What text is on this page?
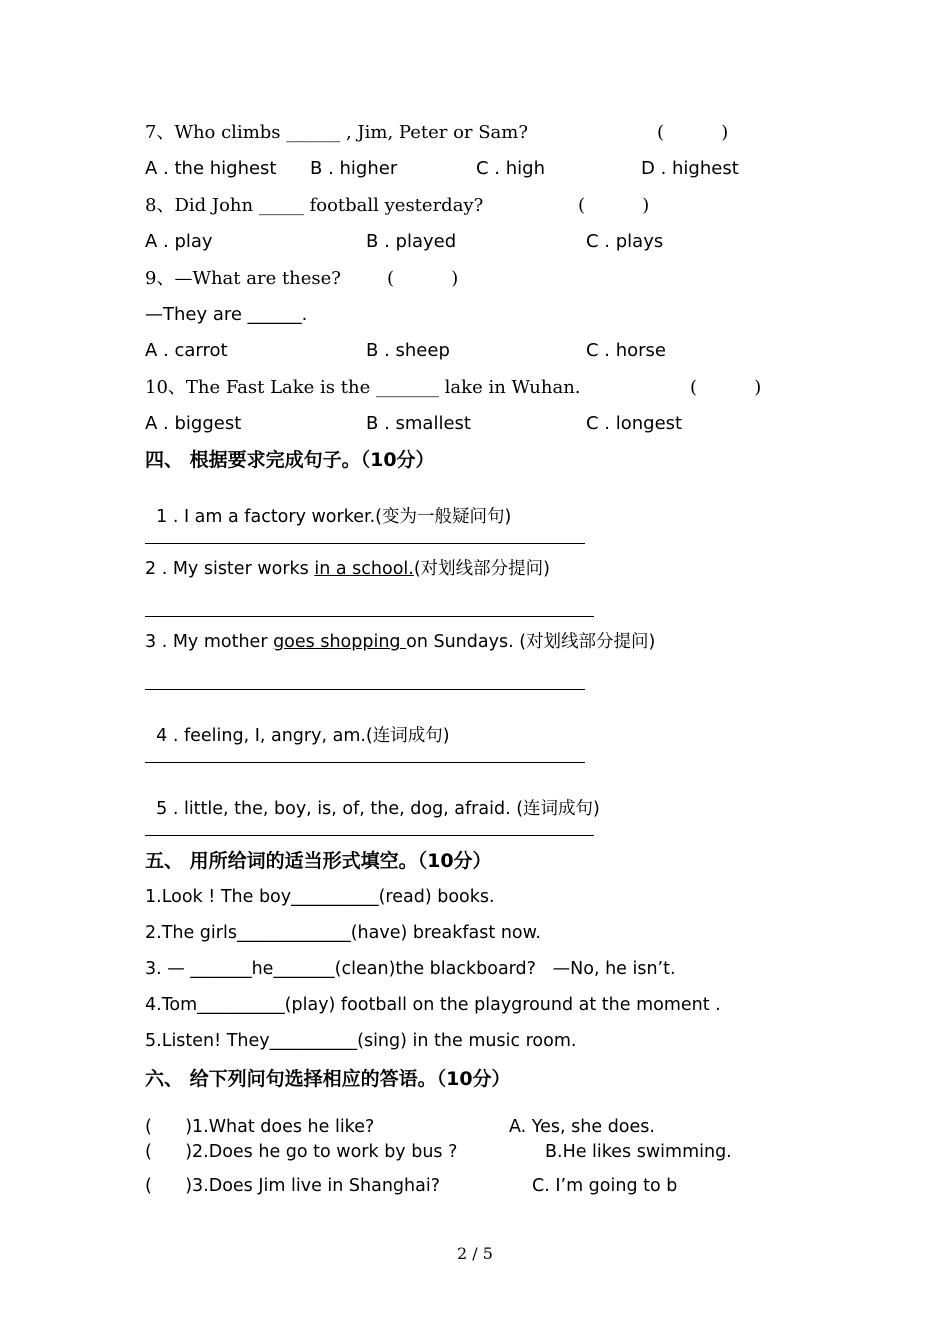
7、Who climbs ______ , Jim, Peter or Sam?	(          )
A . the highest B . higher	C . high	D . highest
8、Did John _____ football yesterday?	(          )
A . play	B . played	C . plays
9、—What are these?	(          )
—They are ______.
A . carrot	B . sheep	C . horse
10、The Fast Lake is the _______ lake in Wuhan.	(          )
A . biggest	B . smallest	C . longest
四、 根据要求完成句子。（10分）

1 . I am a factory worker.(变为一般疑问句)

2 . My sister works in a school.(对划线部分提问)
3 . My mother goes shopping on Sundays. (对划线部分提问)

4 . feeling, I, angry, am.(连词成句)

5 . little, the, boy, is, of, the, dog, afraid. (连词成句)

五、 用所给词的适当形式填空。（10分）
1.Look ! The boy__________(read) books.
2.The girls_____________(have) breakfast now.
3. — _______he_______(clean)the blackboard?   —No, he isn’t.
4.Tom__________(play) football on the playground at the moment .
5.Listen! They__________(sing) in the music room.
六、 给下列问句选择相应的答语。（10分）
(      )1.What does he like?	A. Yes, she does.
(      )2.Does he go to work by bus ?	B.He likes swimming.
(      )3.Does Jim live in Shanghai?	C. I’m going to b
2 / 5
